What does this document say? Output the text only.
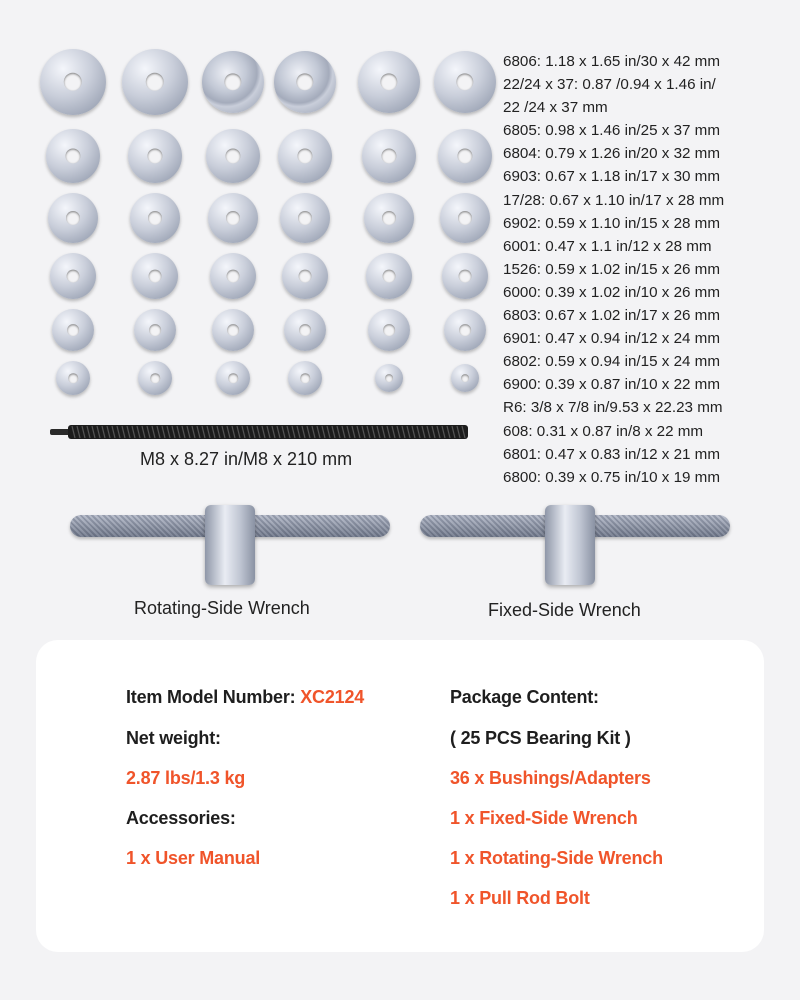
6806: 1.18 x 1.65 in/30 x 42 mm
22/24 x 37: 0.87 /0.94 x 1.46 in/
22 /24 x 37 mm
6805: 0.98 x 1.46 in/25 x 37 mm
6804: 0.79 x 1.26 in/20 x 32 mm
6903: 0.67 x 1.18 in/17 x 30 mm
17/28: 0.67 x 1.10 in/17 x 28 mm
6902: 0.59 x 1.10 in/15 x 28 mm
6001: 0.47 x 1.1 in/12 x 28 mm
1526: 0.59 x 1.02 in/15 x 26 mm
6000: 0.39 x 1.02 in/10 x 26 mm
6803: 0.67 x 1.02 in/17 x 26 mm
6901: 0.47 x 0.94 in/12 x 24 mm
6802: 0.59 x 0.94 in/15 x 24 mm
6900: 0.39 x 0.87 in/10 x 22 mm
R6: 3/8 x 7/8 in/9.53 x 22.23 mm
608: 0.31 x 0.87 in/8 x 22 mm
6801: 0.47 x 0.83 in/12 x 21 mm
6800: 0.39 x 0.75 in/10 x 19 mm
M8 x 8.27 in/M8 x 210 mm
Rotating-Side Wrench	Fixed-Side Wrench
Item Model Number: XC2124
Net weight:
2.87 lbs/1.3 kg
Accessories:
1 x User Manual
Package Content:
( 25 PCS Bearing Kit )
36 x Bushings/Adapters
1 x Fixed-Side Wrench
1 x Rotating-Side Wrench
1 x Pull Rod Bolt
